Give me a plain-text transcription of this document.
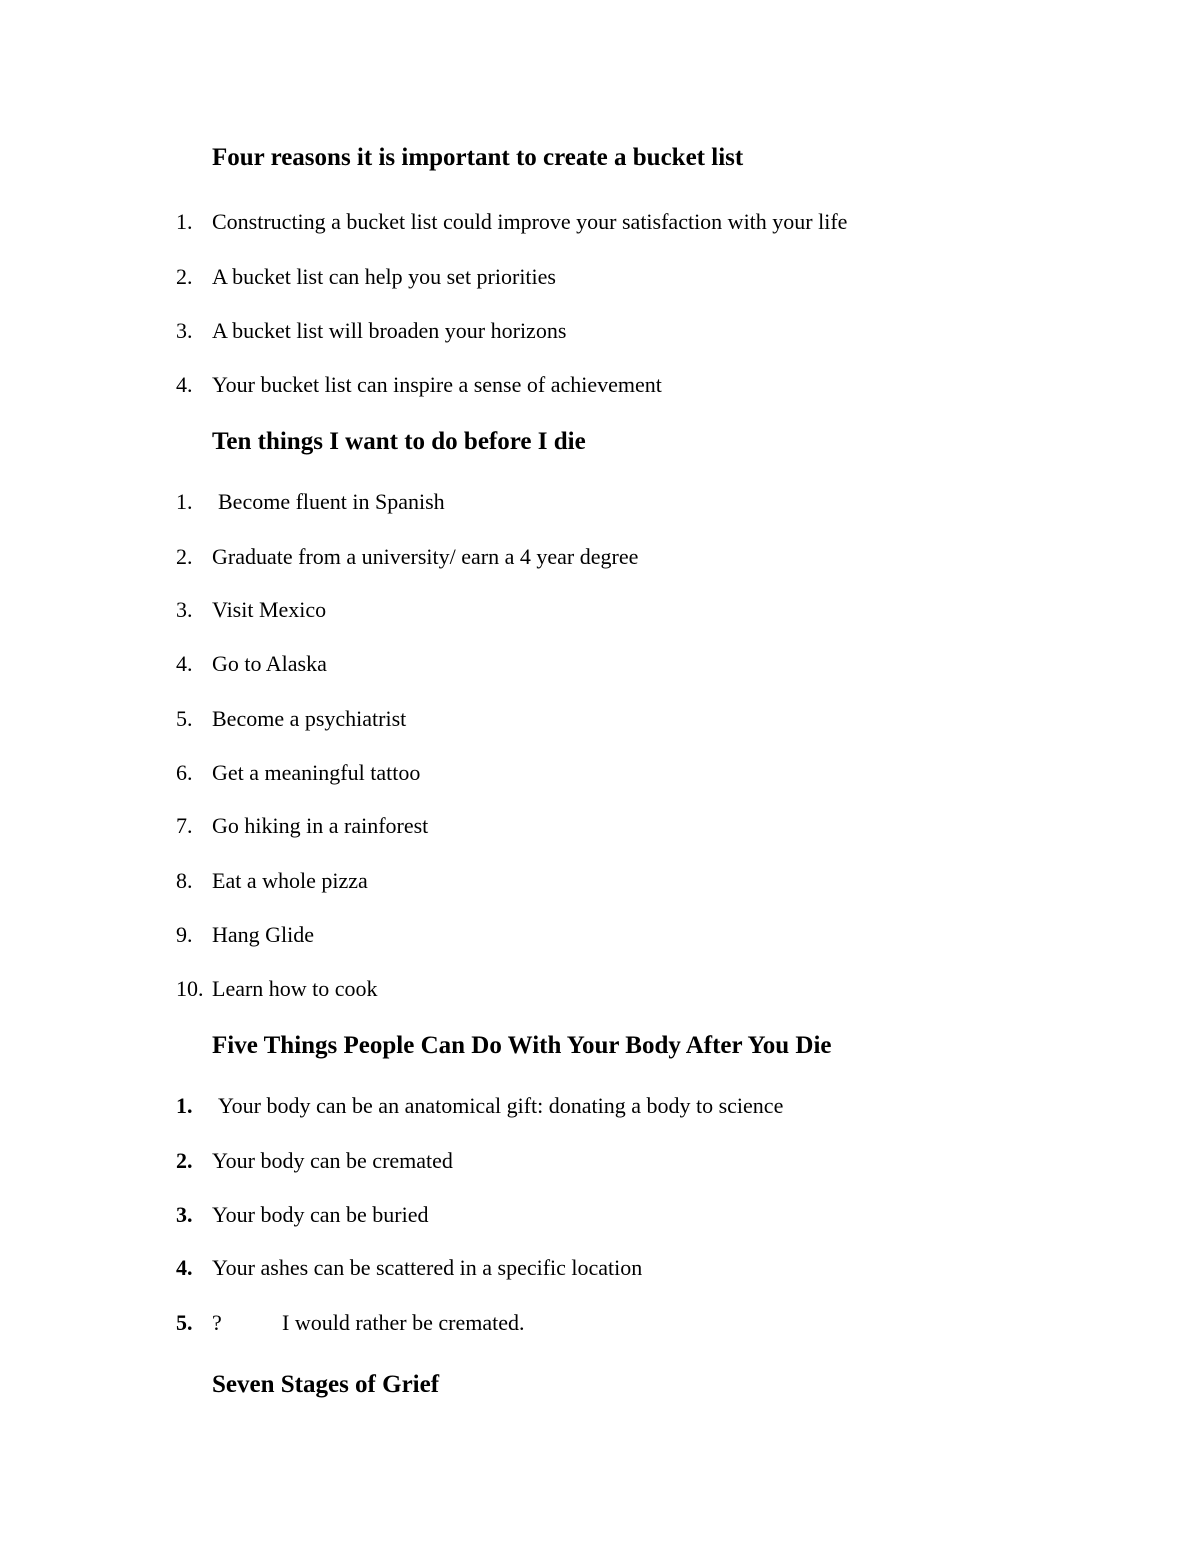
Four reasons it is important to create a bucket list
1. Constructing a bucket list could improve your satisfaction with your life
2. A bucket list can help you set priorities
3. A bucket list will broaden your horizons
4. Your bucket list can inspire a sense of achievement
Ten things I want to do before I die
1. Become fluent in Spanish
2. Graduate from a university/ earn a 4 year degree
3. Visit Mexico
4. Go to Alaska
5. Become a psychiatrist
6. Get a meaningful tattoo
7. Go hiking in a rainforest
8. Eat a whole pizza
9. Hang Glide
10. Learn how to cook
Five Things People Can Do With Your Body After You Die
1. Your body can be an anatomical gift: donating a body to science
2. Your body can be cremated
3. Your body can be buried
4. Your ashes can be scattered in a specific location
5. ?	I would rather be cremated.
Seven Stages of Grief
